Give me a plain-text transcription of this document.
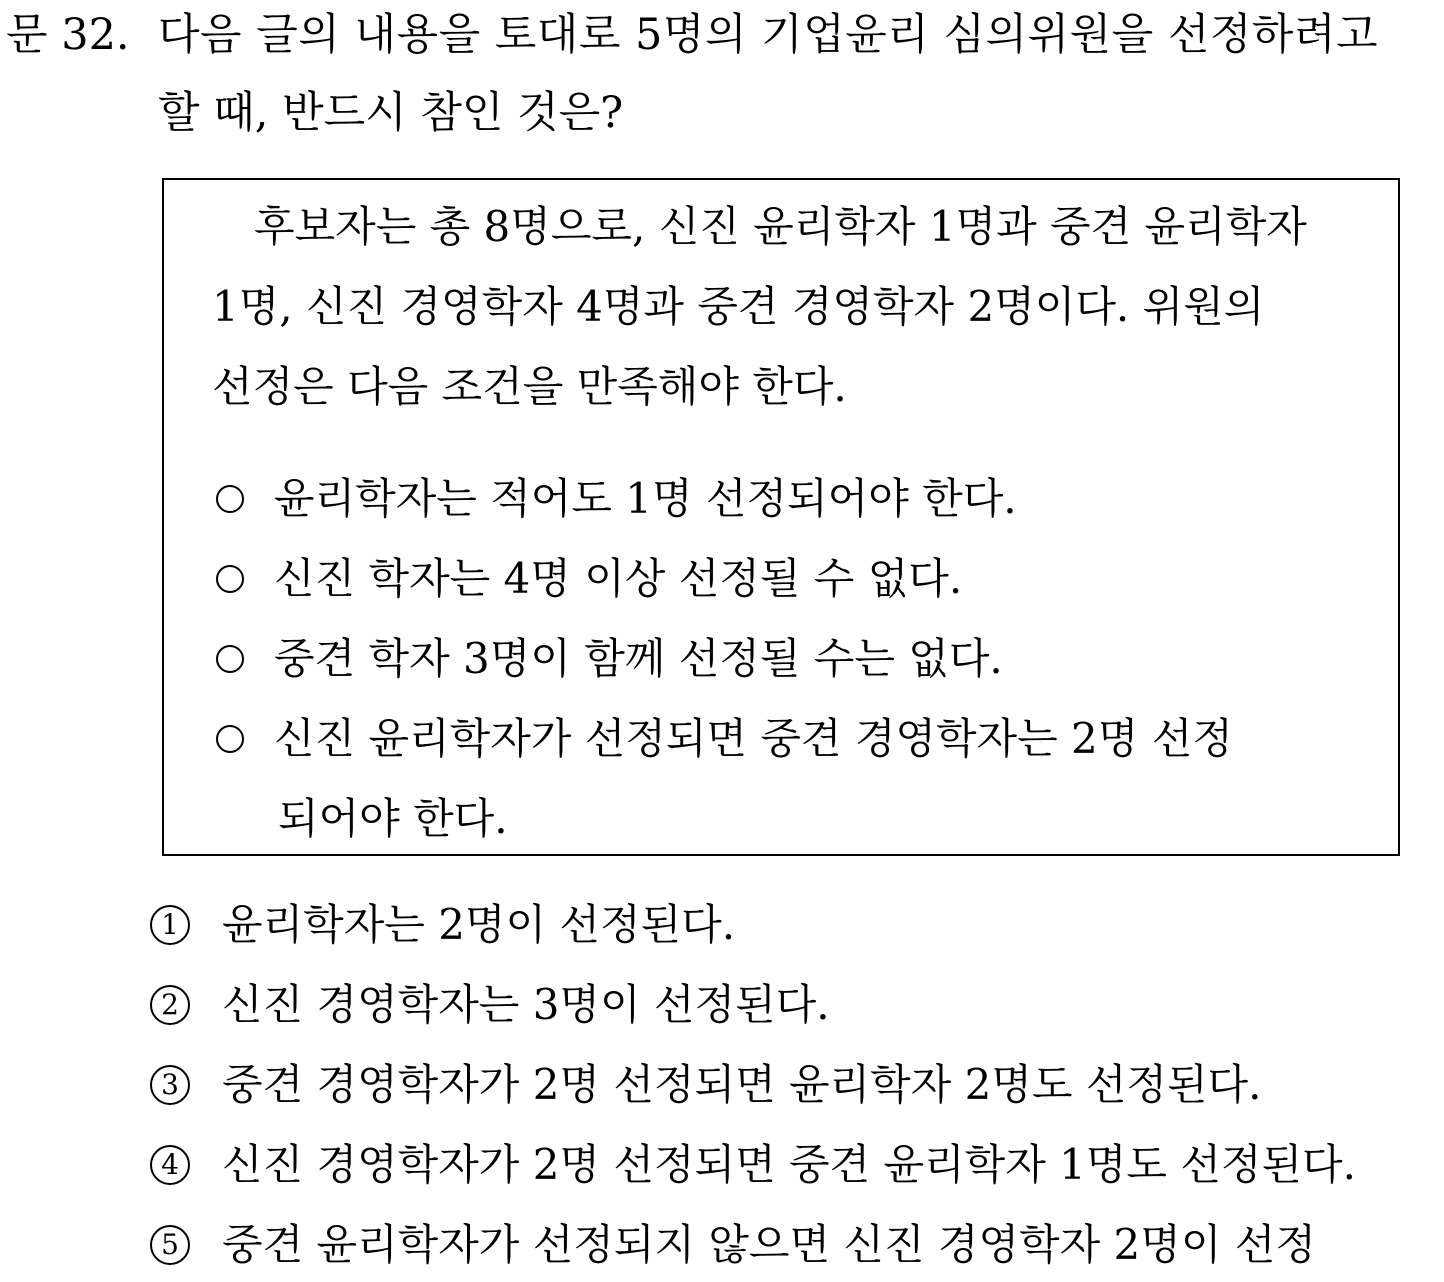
문 32. 다음 글의 내용을 토대로 5명의 기업윤리 심의위원을 선정하려고
할 때, 반드시 참인 것은?
후보자는 총 8명으로, 신진 윤리학자 1명과 중견 윤리학자
1명, 신진 경영학자 4명과 중견 경영학자 2명이다. 위원의
선정은 다음 조건을 만족해야 한다.
윤리학자는 적어도 1명 선정되어야 한다.
신진 학자는 4명 이상 선정될 수 없다.
중견 학자 3명이 함께 선정될 수는 없다.
신진 윤리학자가 선정되면 중견 경영학자는 2명 선정
되어야 한다.
1 윤리학자는 2명이 선정된다.
2 신진 경영학자는 3명이 선정된다.
3 중견 경영학자가 2명 선정되면 윤리학자 2명도 선정된다.
4 신진 경영학자가 2명 선정되면 중견 윤리학자 1명도 선정된다.
5 중견 윤리학자가 선정되지 않으면 신진 경영학자 2명이 선정
